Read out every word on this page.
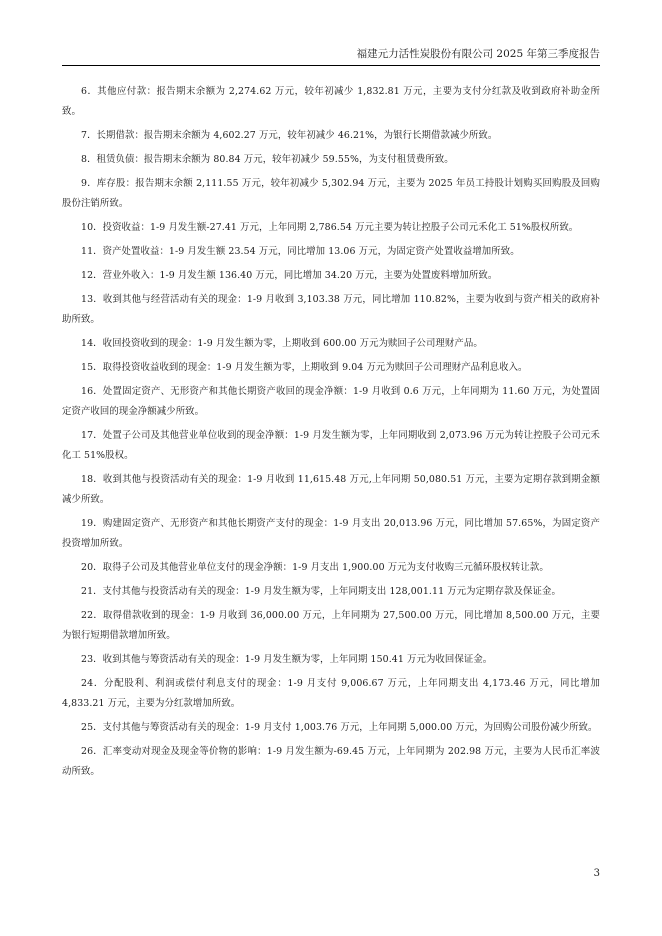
福建元力活性炭股份有限公司 2025 年第三季度报告

6．其他应付款：报告期末余额为 2,274.62 万元，较年初减少 1,832.81 万元，主要为支付分红款及收到政府补助金所致。

7．长期借款：报告期末余额为 4,602.27 万元，较年初减少 46.21%，为银行长期借款减少所致。

8．租赁负债：报告期末余额为 80.84 万元，较年初减少 59.55%，为支付租赁费所致。

9．库存股：报告期末余额 2,111.55 万元，较年初减少 5,302.94 万元，主要为 2025 年员工持股计划购买回购股及回购股份注销所致。

10．投资收益：1-9 月发生额-27.41 万元，上年同期 2,786.54 万元主要为转让控股子公司元禾化工 51%股权所致。

11．资产处置收益：1-9 月发生额 23.54 万元，同比增加 13.06 万元，为固定资产处置收益增加所致。

12．营业外收入：1-9 月发生额 136.40 万元，同比增加 34.20 万元，主要为处置废料增加所致。

13．收到其他与经营活动有关的现金：1-9 月收到 3,103.38 万元，同比增加 110.82%，主要为收到与资产相关的政府补助所致。

14．收回投资收到的现金：1-9 月发生额为零，上期收到 600.00 万元为赎回子公司理财产品。

15．取得投资收益收到的现金：1-9 月发生额为零，上期收到 9.04 万元为赎回子公司理财产品利息收入。

16．处置固定资产、无形资产和其他长期资产收回的现金净额：1-9 月收到 0.6 万元，上年同期为 11.60 万元，为处置固定资产收回的现金净额减少所致。

17．处置子公司及其他营业单位收到的现金净额：1-9 月发生额为零，上年同期收到 2,073.96 万元为转让控股子公司元禾化工 51%股权。

18．收到其他与投资活动有关的现金：1-9 月收到 11,615.48 万元,上年同期 50,080.51 万元，主要为定期存款到期金额减少所致。

19．购建固定资产、无形资产和其他长期资产支付的现金：1-9 月支出 20,013.96 万元，同比增加 57.65%，为固定资产投资增加所致。

20．取得子公司及其他营业单位支付的现金净额：1-9 月支出 1,900.00 万元为支付收购三元循环股权转让款。

21．支付其他与投资活动有关的现金：1-9 月发生额为零，上年同期支出 128,001.11 万元为定期存款及保证金。

22．取得借款收到的现金：1-9 月收到 36,000.00 万元，上年同期为 27,500.00 万元，同比增加 8,500.00 万元，主要为银行短期借款增加所致。

23．收到其他与筹资活动有关的现金：1-9 月发生额为零，上年同期 150.41 万元为收回保证金。

24．分配股利、利润或偿付利息支付的现金：1-9 月支付 9,006.67 万元，上年同期支出 4,173.46 万元，同比增加 4,833.21 万元，主要为分红款增加所致。

25．支付其他与筹资活动有关的现金：1-9 月支付 1,003.76 万元，上年同期 5,000.00 万元，为回购公司股份减少所致。

26．汇率变动对现金及现金等价物的影响：1-9 月发生额为-69.45 万元，上年同期为 202.98 万元，主要为人民币汇率波动所致。

3
